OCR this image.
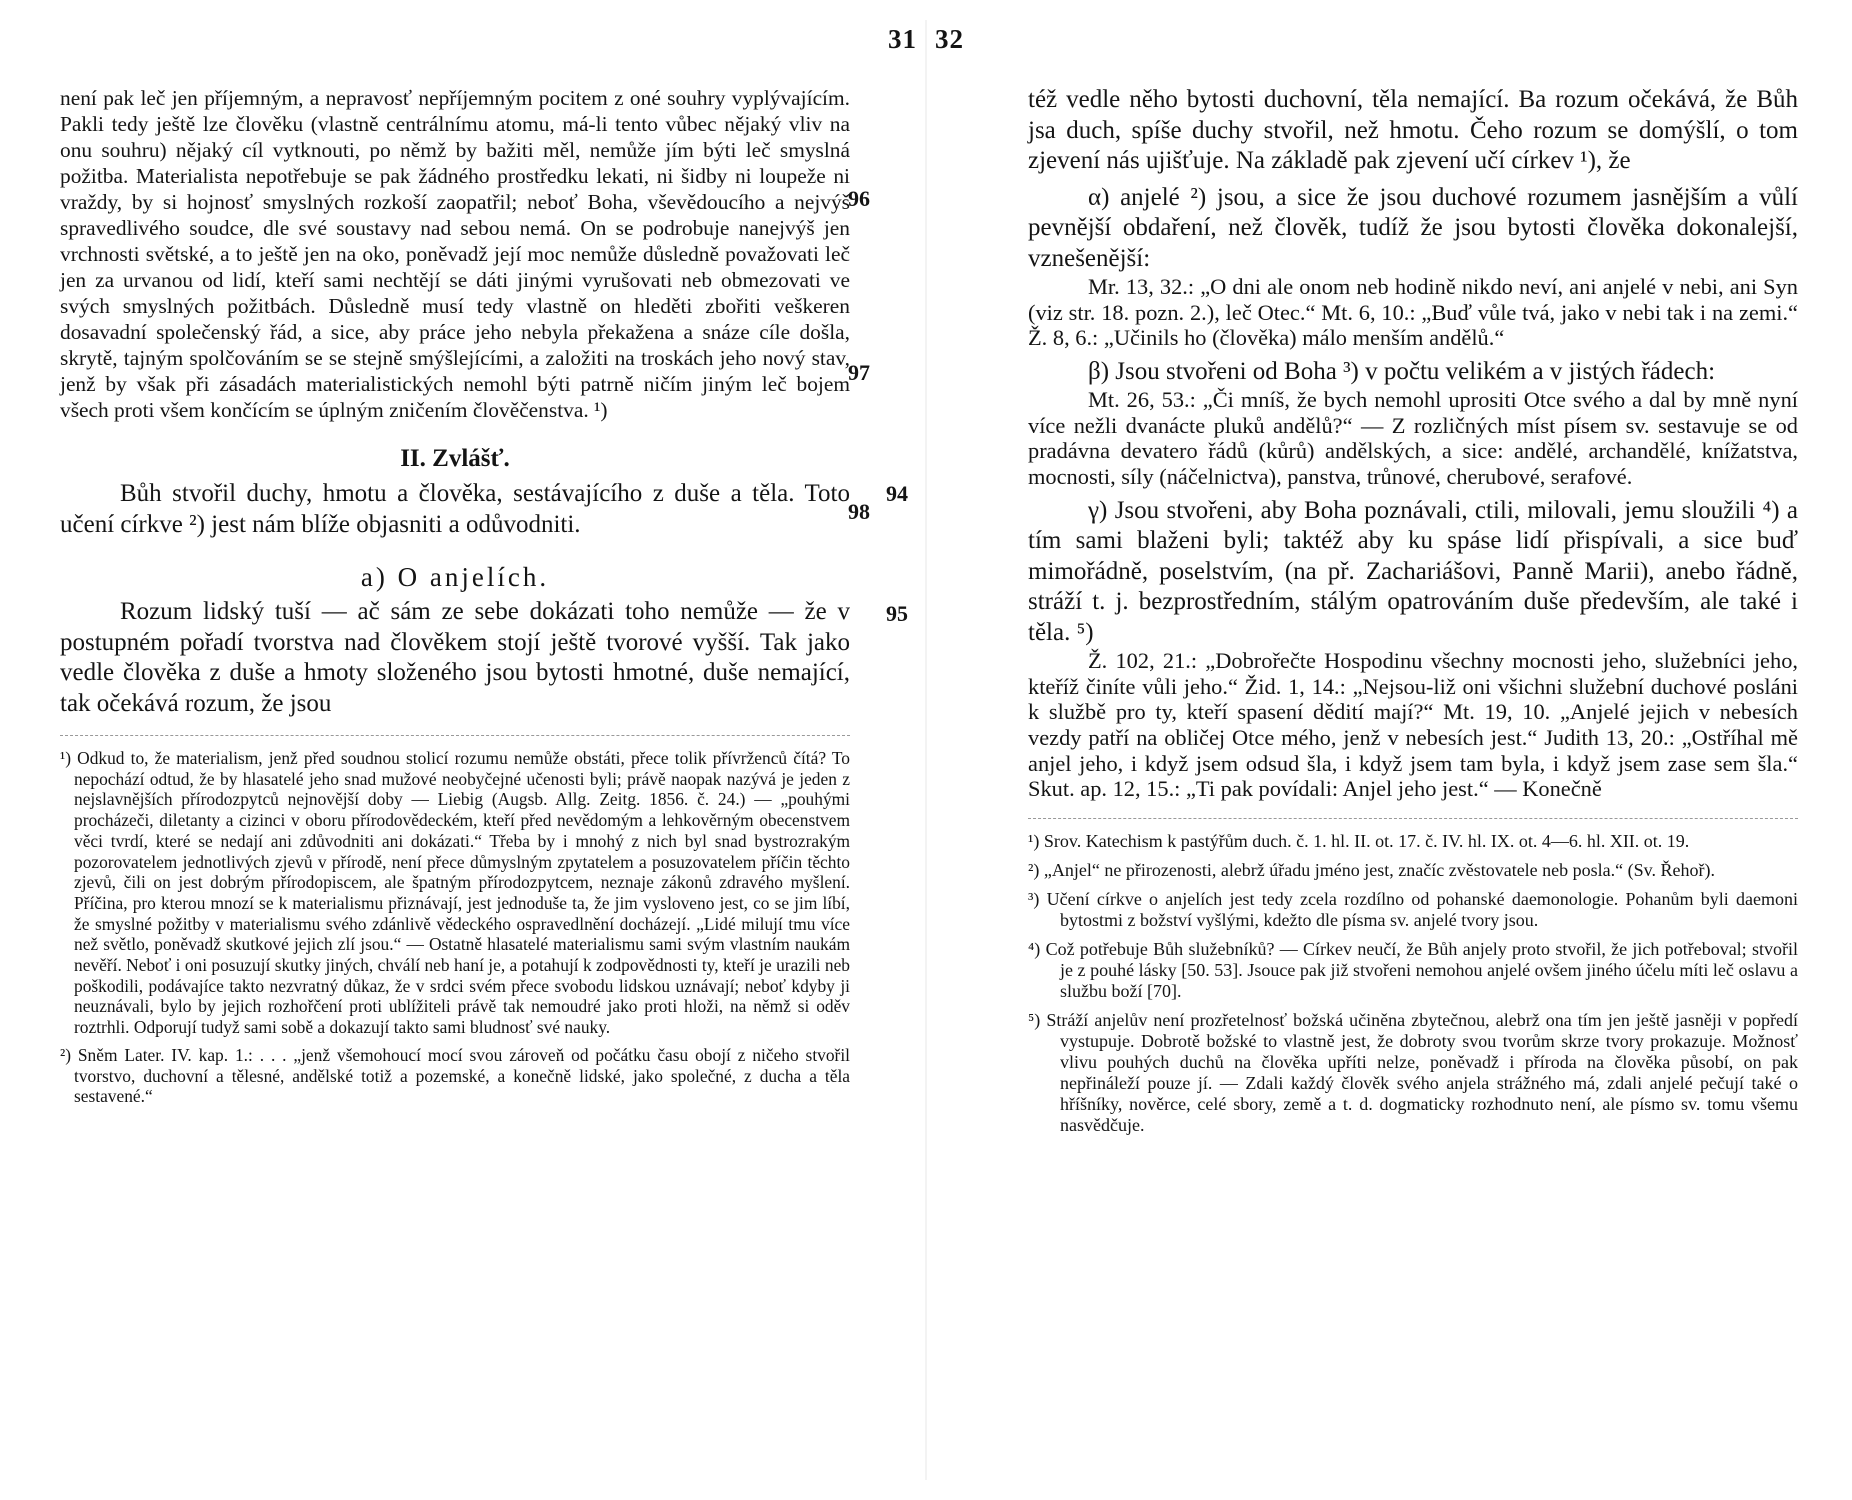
31 32

není pak leč jen příjemným, a nepravosť nepříjemným pocitem z oné souhry vyplývajícím. Pakli tedy ještě lze člověku (vlastně centrálnímu atomu, má-li tento vůbec nějaký vliv na onu souhru) nějaký cíl vytknouti, po němž by bažiti měl, nemůže jím býti leč smyslná požitba. Materialista nepotřebuje se pak žádného prostředku lekati, ni šidby ni loupeže ni vraždy, by si hojnosť smyslných rozkoší zaopatřil; neboť Boha, vševědoucího a nejvýš spravedlivého soudce, dle své soustavy nad sebou nemá. On se podrobuje nanejvýš jen vrchnosti světské, a to ještě jen na oko, poněvadž její moc nemůže důsledně považovati leč jen za urvanou od lidí, kteří sami nechtějí se dáti jinými vyrušovati neb obmezovati ve svých smyslných požitbách. Důsledně musí tedy vlastně on hleděti zbořiti veškeren dosavadní společenský řád, a sice, aby práce jeho nebyla překažena a snáze cíle došla, skrytě, tajným spolčováním se se stejně smýšlejícími, a založiti na troskách jeho nový stav, jenž by však při zásadách materialistických nemohl býti patrně ničím jiným leč bojem všech proti všem končícím se úplným zničením člověčenstva. ¹)

II. Zvlášť.
94

Bůh stvořil duchy, hmotu a člověka, sestávajícího z duše a těla. Toto učení církve ²) jest nám blíže objasniti a odůvodniti.

a) O anjelích.
95

Rozum lidský tuší — ač sám ze sebe dokázati toho nemůže — že v postupném pořadí tvorstva nad člověkem stojí ještě tvorové vyšší. Tak jako vedle člověka z duše a hmoty složeného jsou bytosti hmotné, duše nemající, tak očekává rozum, že jsou

¹) Odkud to, že materialism, jenž před soudnou stolicí rozumu nemůže obstáti, přece tolik přívrženců čítá? To nepochází odtud, že by hlasatelé jeho snad mužové neobyčejné učenosti byli; právě naopak nazývá je jeden z nejslavnějších přírodozpytců nejnovější doby — Liebig (Augsb. Allg. Zeitg. 1856. č. 24.) — „pouhými procházeči, diletanty a cizinci v oboru přírodovědeckém, kteří před nevědomým a lehkověrným obecenstvem věci tvrdí, které se nedají ani zdůvodniti ani dokázati.“ Třeba by i mnohý z nich byl snad bystrozrakým pozorovatelem jednotlivých zjevů v přírodě, není přece důmyslným zpytatelem a posuzovatelem příčin těchto zjevů, čili on jest dobrým přírodopiscem, ale špatným přírodozpytcem, neznaje zákonů zdravého myšlení. Příčina, pro kterou mnozí se k materialismu přiznávají, jest jednoduše ta, že jim vysloveno jest, co se jim líbí, že smyslné požitby v materialismu svého zdánlivě vědeckého ospravedlnění docházejí. „Lidé milují tmu více než světlo, poněvadž skutkové jejich zlí jsou.“ — Ostatně hlasatelé materialismu sami svým vlastním naukám nevěří. Neboť i oni posuzují skutky jiných, chválí neb haní je, a potahují k zodpovědnosti ty, kteří je urazili neb poškodili, podávajíce takto nezvratný důkaz, že v srdci svém přece svobodu lidskou uznávají; neboť kdyby ji neuznávali, bylo by jejich rozhořčení proti ublížiteli právě tak nemoudré jako proti hloži, na němž si oděv roztrhli. Odporují tudyž sami sobě a dokazují takto sami bludnosť své nauky.

²) Sněm Later. IV. kap. 1.: . . . „jenž všemohoucí mocí svou zároveň od počátku času obojí z ničeho stvořil tvorstvo, duchovní a tělesné, andělské totiž a pozemské, a konečně lidské, jako společné, z ducha a těla sestavené.“

též vedle něho bytosti duchovní, těla nemající. Ba rozum očekává, že Bůh jsa duch, spíše duchy stvořil, než hmotu. Čeho rozum se domýšlí, o tom zjevení nás ujišťuje. Na základě pak zjevení učí církev ¹), že

96	α) anjelé ²) jsou, a sice že jsou duchové rozumem jasnějším a vůlí pevnější obdaření, než člověk, tudíž že jsou bytosti člověka dokonalejší, vznešenější:

Mr. 13, 32.: „O dni ale onom neb hodině nikdo neví, ani anjelé v nebi, ani Syn (viz str. 18. pozn. 2.), leč Otec.“ Mt. 6, 10.: „Buď vůle tvá, jako v nebi tak i na zemi.“ Ž. 8, 6.: „Učinils ho (člověka) málo menším andělů.“

97	β) Jsou stvořeni od Boha ³) v počtu velikém a v jistých řádech:

Mt. 26, 53.: „Či mníš, že bych nemohl uprositi Otce svého a dal by mně nyní více nežli dvanácte pluků andělů?“ — Z rozličných míst písem sv. sestavuje se od pradávna devatero řádů (kůrů) andělských, a sice: andělé, archandělé, knížatstva, mocnosti, síly (náčelnictva), panstva, trůnové, cherubové, serafové.

98	γ) Jsou stvořeni, aby Boha poznávali, ctili, milovali, jemu sloužili ⁴) a tím sami blaženi byli; taktéž aby ku spáse lidí přispívali, a sice buď mimořádně, poselstvím, (na př. Zachariášovi, Panně Marii), anebo řádně, stráží t. j. bezprostředním, stálým opatrováním duše především, ale také i těla. ⁵)

Ž. 102, 21.: „Dobrořečte Hospodinu všechny mocnosti jeho, služebníci jeho, kteříž činíte vůli jeho.“ Žid. 1, 14.: „Nejsou-liž oni všichni služební duchové posláni k službě pro ty, kteří spasení dědití mají?“ Mt. 19, 10. „Anjelé jejich v nebesích vezdy patří na obličej Otce mého, jenž v nebesích jest.“ Judith 13, 20.: „Ostříhal mě anjel jeho, i když jsem odsud šla, i když jsem tam byla, i když jsem zase sem šla.“ Skut. ap. 12, 15.: „Ti pak povídali: Anjel jeho jest.“ — Konečně

¹) Srov. Katechism k pastýřům duch. č. 1. hl. II. ot. 17. č. IV. hl. IX. ot. 4—6. hl. XII. ot. 19.

²) „Anjel“ ne přirozenosti, alebrž úřadu jméno jest, značíc zvěstovatele neb posla.“ (Sv. Řehoř).

³) Učení církve o anjelích jest tedy zcela rozdílno od pohanské daemonologie. Pohanům byli daemoni bytostmi z božství vyšlými, kdežto dle písma sv. anjelé tvory jsou.

⁴) Což potřebuje Bůh služebníků? — Církev neučí, že Bůh anjely proto stvořil, že jich potřeboval; stvořil je z pouhé lásky [50. 53]. Jsouce pak již stvořeni nemohou anjelé ovšem jiného účelu míti leč oslavu a službu boží [70].

⁵) Stráží anjelův není prozřetelnosť božská učiněna zbytečnou, alebrž ona tím jen ještě jasněji v popředí vystupuje. Dobrotě božské to vlastně jest, že dobroty svou tvorům skrze tvory prokazuje. Možnosť vlivu pouhých duchů na člověka upříti nelze, poněvadž i příroda na člověka působí, on pak nepřináleží pouze jí. — Zdali každý člověk svého anjela strážného má, zdali anjelé pečují také o hříšníky, nověrce, celé sbory, země a t. d. dogmaticky rozhodnuto není, ale písmo sv. tomu všemu nasvědčuje.
